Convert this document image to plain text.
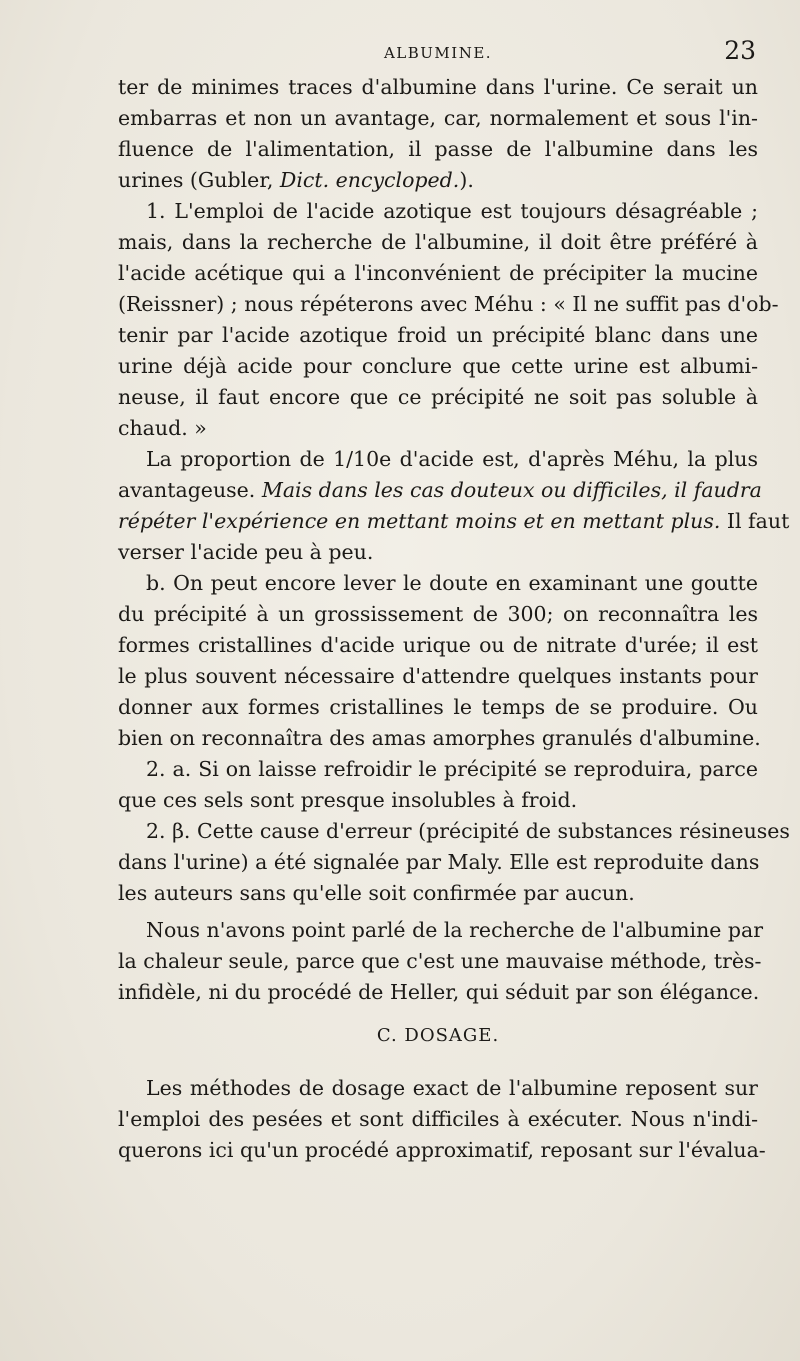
ALBUMINE.	23
ter de minimes traces d'albumine dans l'urine. Ce serait un
embarras et non un avantage, car, normalement et sous l'in-
fluence de l'alimentation, il passe de l'albumine dans les
urines (Gubler, Dict. encycloped.).
1. L'emploi de l'acide azotique est toujours désagréable ;
mais, dans la recherche de l'albumine, il doit être préféré à
l'acide acétique qui a l'inconvénient de précipiter la mucine
(Reissner) ; nous répéterons avec Méhu : « Il ne suffit pas d'ob-
tenir par l'acide azotique froid un précipité blanc dans une
urine déjà acide pour conclure que cette urine est albumi-
neuse, il faut encore que ce précipité ne soit pas soluble à
chaud. »
La proportion de 1/10e d'acide est, d'après Méhu, la plus
avantageuse. Mais dans les cas douteux ou difficiles, il faudra
répéter l'expérience en mettant moins et en mettant plus. Il faut
verser l'acide peu à peu.
b. On peut encore lever le doute en examinant une goutte
du précipité à un grossissement de 300; on reconnaîtra les
formes cristallines d'acide urique ou de nitrate d'urée; il est
le plus souvent nécessaire d'attendre quelques instants pour
donner aux formes cristallines le temps de se produire. Ou
bien on reconnaîtra des amas amorphes granulés d'albumine.
2. a. Si on laisse refroidir le précipité se reproduira, parce
que ces sels sont presque insolubles à froid.
2. β. Cette cause d'erreur (précipité de substances résineuses
dans l'urine) a été signalée par Maly. Elle est reproduite dans
les auteurs sans qu'elle soit confirmée par aucun.
Nous n'avons point parlé de la recherche de l'albumine par
la chaleur seule, parce que c'est une mauvaise méthode, très-
infidèle, ni du procédé de Heller, qui séduit par son élégance.
C. DOSAGE.
Les méthodes de dosage exact de l'albumine reposent sur
l'emploi des pesées et sont difficiles à exécuter. Nous n'indi-
querons ici qu'un procédé approximatif, reposant sur l'évalua-
